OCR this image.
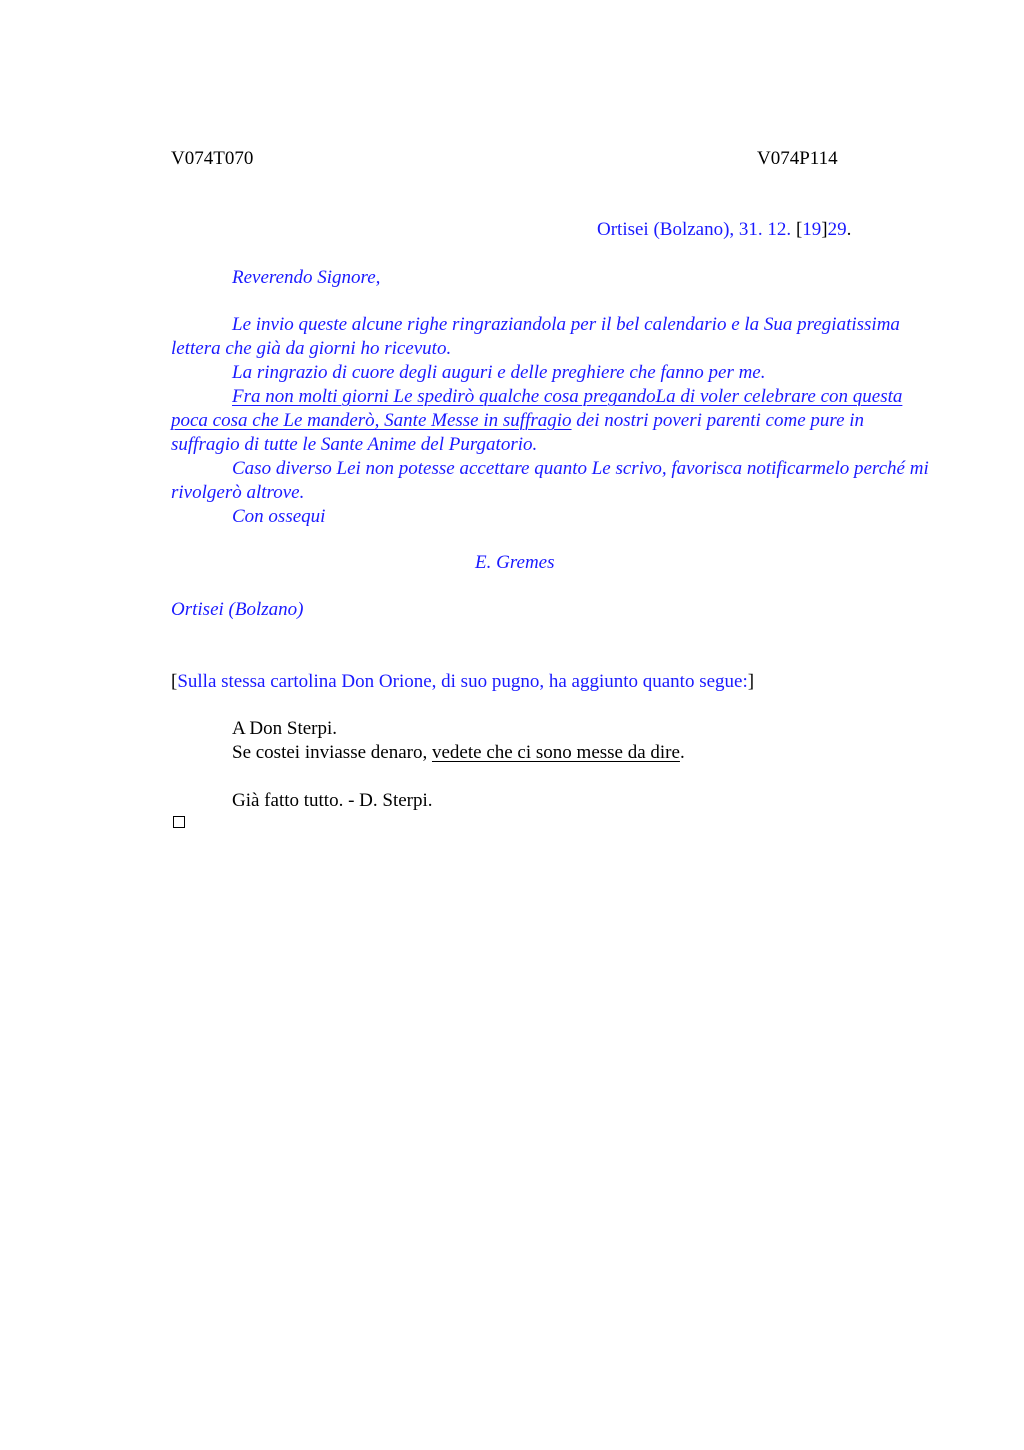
V074T070	V074P114
Ortisei (Bolzano), 31. 12. [19]29.
Reverendo Signore,

Le invio queste alcune righe ringraziandola per il bel calendario e la Sua pregiatissima lettera che già da giorni ho ricevuto.

La ringrazio di cuore degli auguri e delle preghiere che fanno per me.

Fra non molti giorni Le spedirò qualche cosa pregandoLa di voler celebrare con questa poca cosa che Le manderò, Sante Messe in suffragio dei nostri poveri parenti come pure in suffragio di tutte le Sante Anime del Purgatorio.

Caso diverso Lei non potesse accettare quanto Le scrivo, favorisca notificarmelo perché mi rivolgerò altrove.

Con ossequi

E. Gremes
Ortisei (Bolzano)
[Sulla stessa cartolina Don Orione, di suo pugno, ha aggiunto quanto segue:]
A Don Sterpi.
Se costei inviasse denaro, vedete che ci sono messe da dire.
Già fatto tutto. - D. Sterpi.
